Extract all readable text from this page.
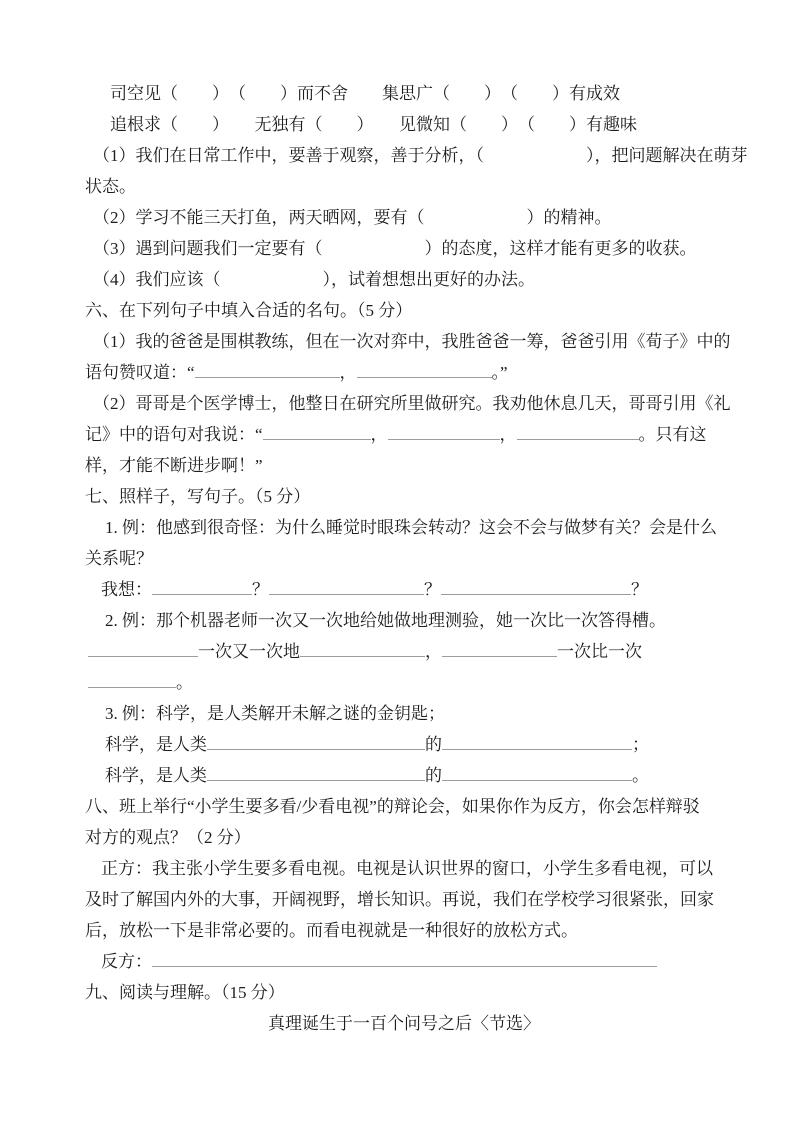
司空见（　　）　（　　）而不舍　　集思广（　　）　（　　）有成效
追根求（　　）　　无独有（　　）　　见微知（　　）　（　　）有趣味
（1）我们在日常工作中，要善于观察，善于分析，（　　　　　　），把问题解决在萌芽
状态。
（2）学习不能三天打鱼，两天晒网，要有（　　　　　　）的精神。
（3）遇到问题我们一定要有（　　　　　　）的态度，这样才能有更多的收获。
（4）我们应该（　　　　　　），试着想想出更好的办法。
六、在下列句子中填入合适的名句。（5 分）
（1）我的爸爸是围棋教练，但在一次对弈中，我胜爸爸一筹，爸爸引用《荀子》中的
语句赞叹道：“	，	。”
（2）哥哥是个医学博士，他整日在研究所里做研究。我劝他休息几天，哥哥引用《礼
记》中的语句对我说：“	，	，	。只有这
样，才能不断进步啊！”
七、照样子，写句子。（5 分）
1. 例：他感到很奇怪：为什么睡觉时眼珠会转动？这会不会与做梦有关？会是什么
关系呢？
我想：	？	？	？
2. 例：那个机器老师一次又一次地给她做地理测验，她一次比一次答得槽。
一次又一次地	，	一次比一次
。
3. 例：科学，是人类解开未解之谜的金钥匙；
科学，是人类	的	；
科学，是人类	的	。
八、班上举行“小学生要多看/少看电视”的辩论会，如果你作为反方，你会怎样辩驳
对方的观点？（2 分）
正方：我主张小学生要多看电视。电视是认识世界的窗口，小学生多看电视，可以
及时了解国内外的大事，开阔视野，增长知识。再说，我们在学校学习很紧张，回家
后，放松一下是非常必要的。而看电视就是一种很好的放松方式。
反方：
九、阅读与理解。（15 分）
真理诞生于一百个问号之后〈节选〉
